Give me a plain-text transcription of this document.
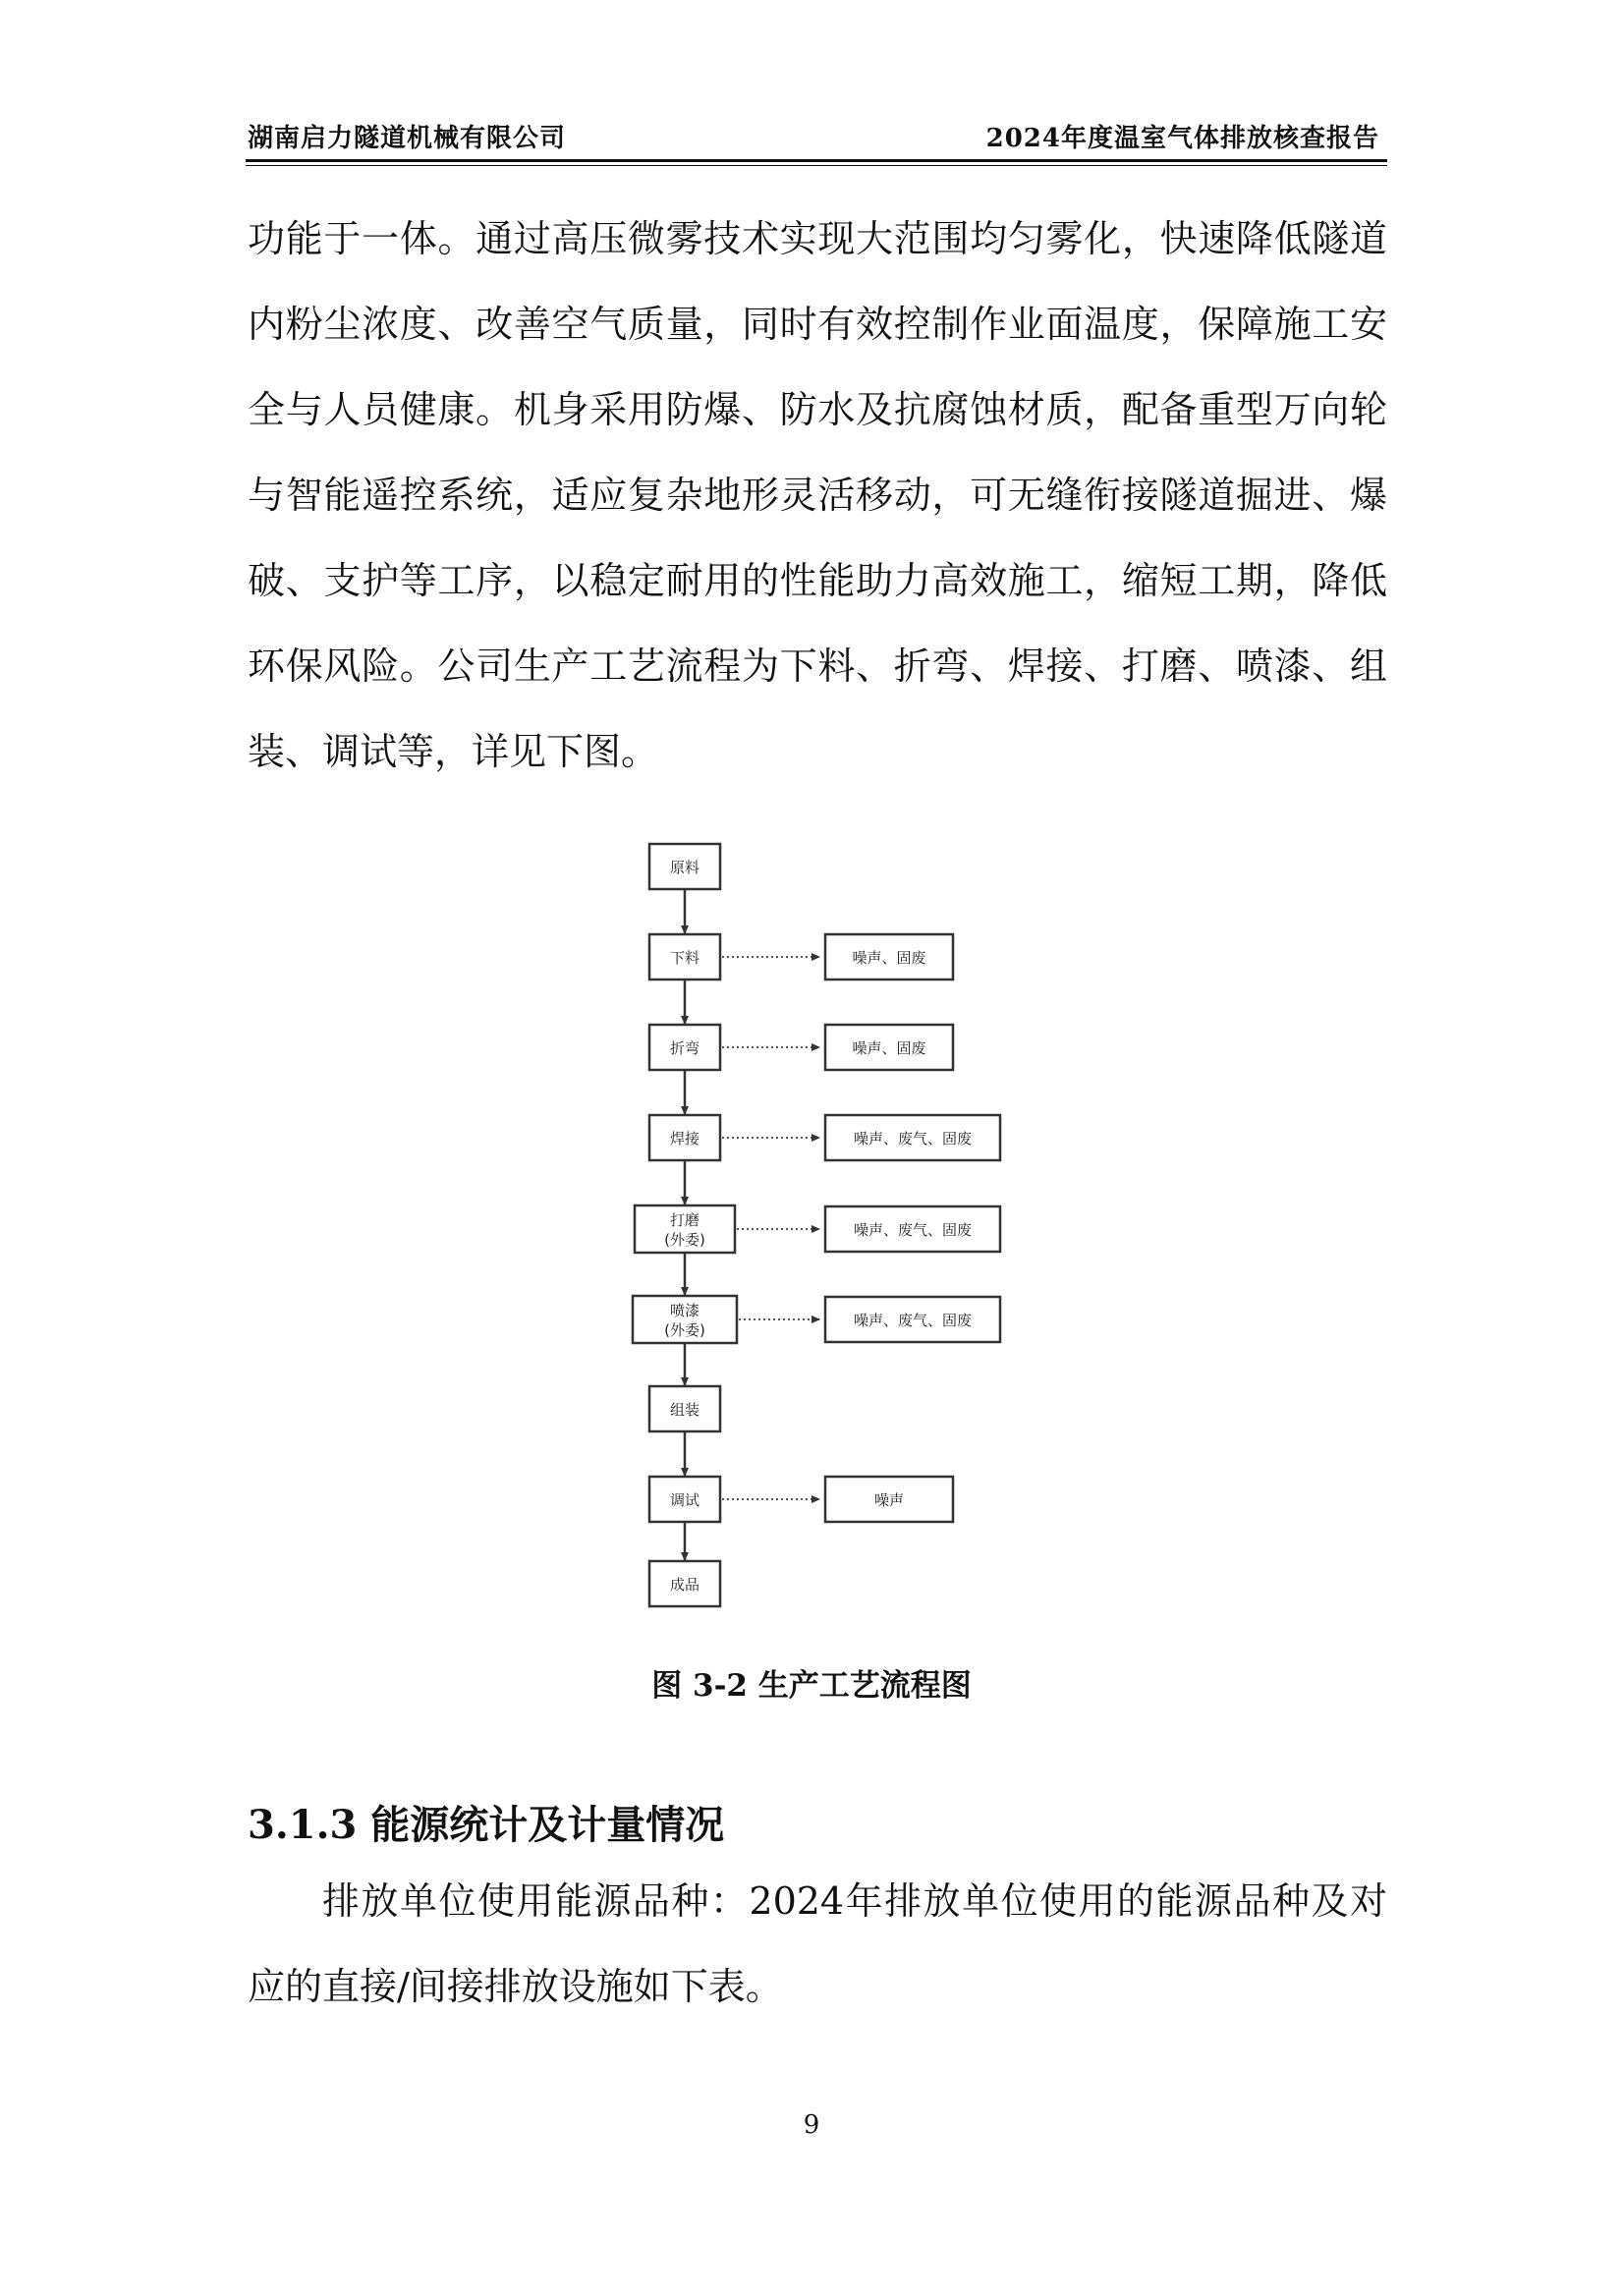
湖南启力隧道机械有限公司	2024年度温室气体排放核查报告
功能于一体。通过高压微雾技术实现大范围均匀雾化，快速降低隧道内粉尘浓度、改善空气质量，同时有效控制作业面温度，保障施工安全与人员健康。机身采用防爆、防水及抗腐蚀材质，配备重型万向轮与智能遥控系统，适应复杂地形灵活移动，可无缝衔接隧道掘进、爆破、支护等工序，以稳定耐用的性能助力高效施工，缩短工期，降低环保风险。公司生产工艺流程为下料、折弯、焊接、打磨、喷漆、组装、调试等，详见下图。
原料
下料	噪声、固废
折弯	噪声、固废
焊接	噪声、废气、固废
打磨
(外委)
噪声、废气、固废
喷漆
(外委)
噪声、废气、固废
组装
调试	噪声
成品
图 3-2 生产工艺流程图
3.1.3 能源统计及计量情况
排放单位使用能源品种：2024年排放单位使用的能源品种及对应的直接/间接排放设施如下表。
9
